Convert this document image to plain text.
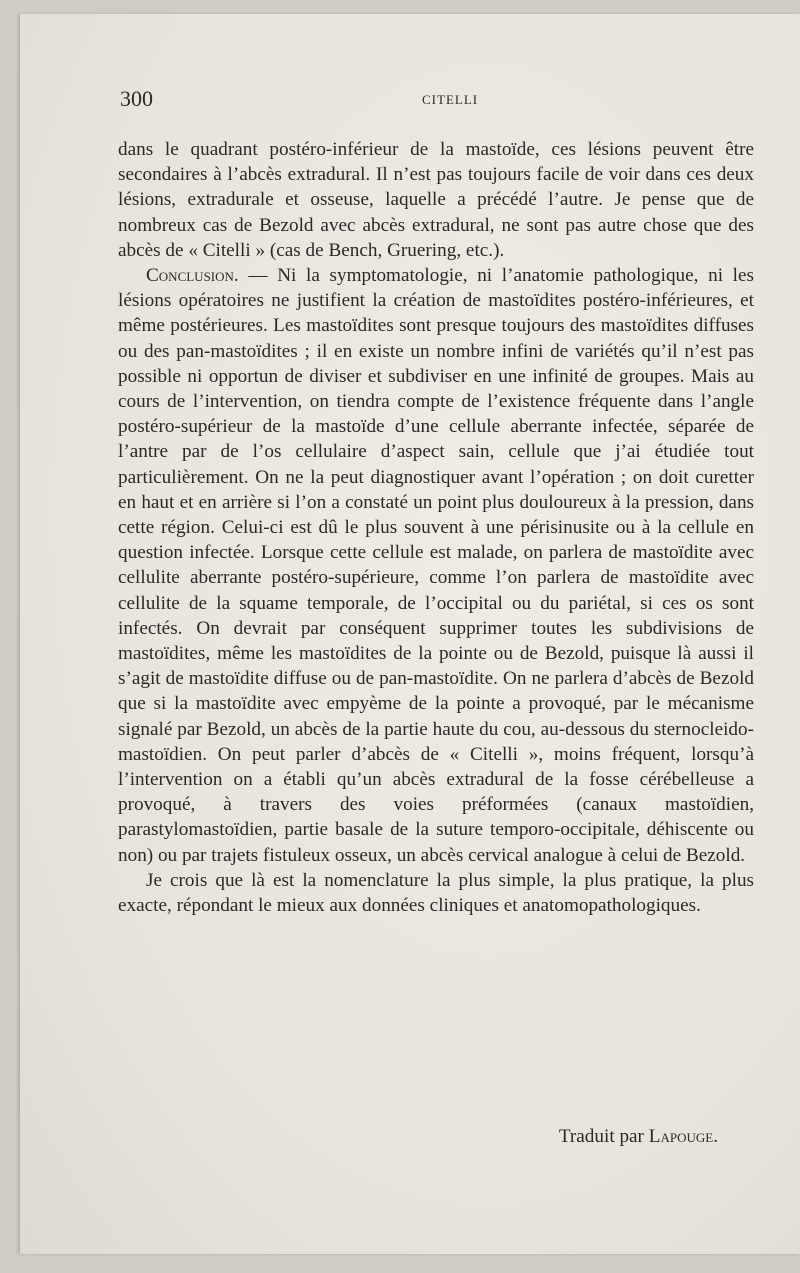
300	CITELLI

dans le quadrant postéro-inférieur de la mastoïde, ces lésions peuvent être secondaires à l’abcès extradural. Il n’est pas toujours facile de voir dans ces deux lésions, extradurale et osseuse, laquelle a précédé l’autre. Je pense que de nombreux cas de Bezold avec abcès extradural, ne sont pas autre chose que des abcès de « Citelli » (cas de Bench, Gruering, etc.).

Conclusion. — Ni la symptomatologie, ni l’anatomie pathologique, ni les lésions opératoires ne justifient la création de mastoïdites postéro-inférieures, et même postérieures. Les mastoïdites sont presque toujours des mastoïdites diffuses ou des pan-mastoïdites ; il en existe un nombre infini de variétés qu’il n’est pas possible ni opportun de diviser et subdiviser en une infinité de groupes. Mais au cours de l’intervention, on tiendra compte de l’existence fréquente dans l’angle postéro-supérieur de la mastoïde d’une cellule aberrante infectée, séparée de l’antre par de l’os cellulaire d’aspect sain, cellule que j’ai étudiée tout particulièrement. On ne la peut diagnostiquer avant l’opération ; on doit curetter en haut et en arrière si l’on a constaté un point plus douloureux à la pression, dans cette région. Celui-ci est dû le plus souvent à une périsinusite ou à la cellule en question infectée. Lorsque cette cellule est malade, on parlera de mastoïdite avec cellulite aberrante postéro-supérieure, comme l’on parlera de mastoïdite avec cellulite de la squame temporale, de l’occipital ou du pariétal, si ces os sont infectés. On devrait par conséquent supprimer toutes les subdivisions de mastoïdites, même les mastoïdites de la pointe ou de Bezold, puisque là aussi il s’agit de mastoïdite diffuse ou de pan-mastoïdite. On ne parlera d’abcès de Bezold que si la mastoïdite avec empyème de la pointe a provoqué, par le mécanisme signalé par Bezold, un abcès de la partie haute du cou, au-dessous du sternocleido-mastoïdien. On peut parler d’abcès de « Citelli », moins fréquent, lorsqu’à l’intervention on a établi qu’un abcès extradural de la fosse cérébelleuse a provoqué, à travers des voies préformées (canaux mastoïdien, parastylomastoïdien, partie basale de la suture temporo-occipitale, déhiscente ou non) ou par trajets fistuleux osseux, un abcès cervical analogue à celui de Bezold.

Je crois que là est la nomenclature la plus simple, la plus pratique, la plus exacte, répondant le mieux aux données cliniques et anatomopathologiques.

Traduit par Lapouge.
